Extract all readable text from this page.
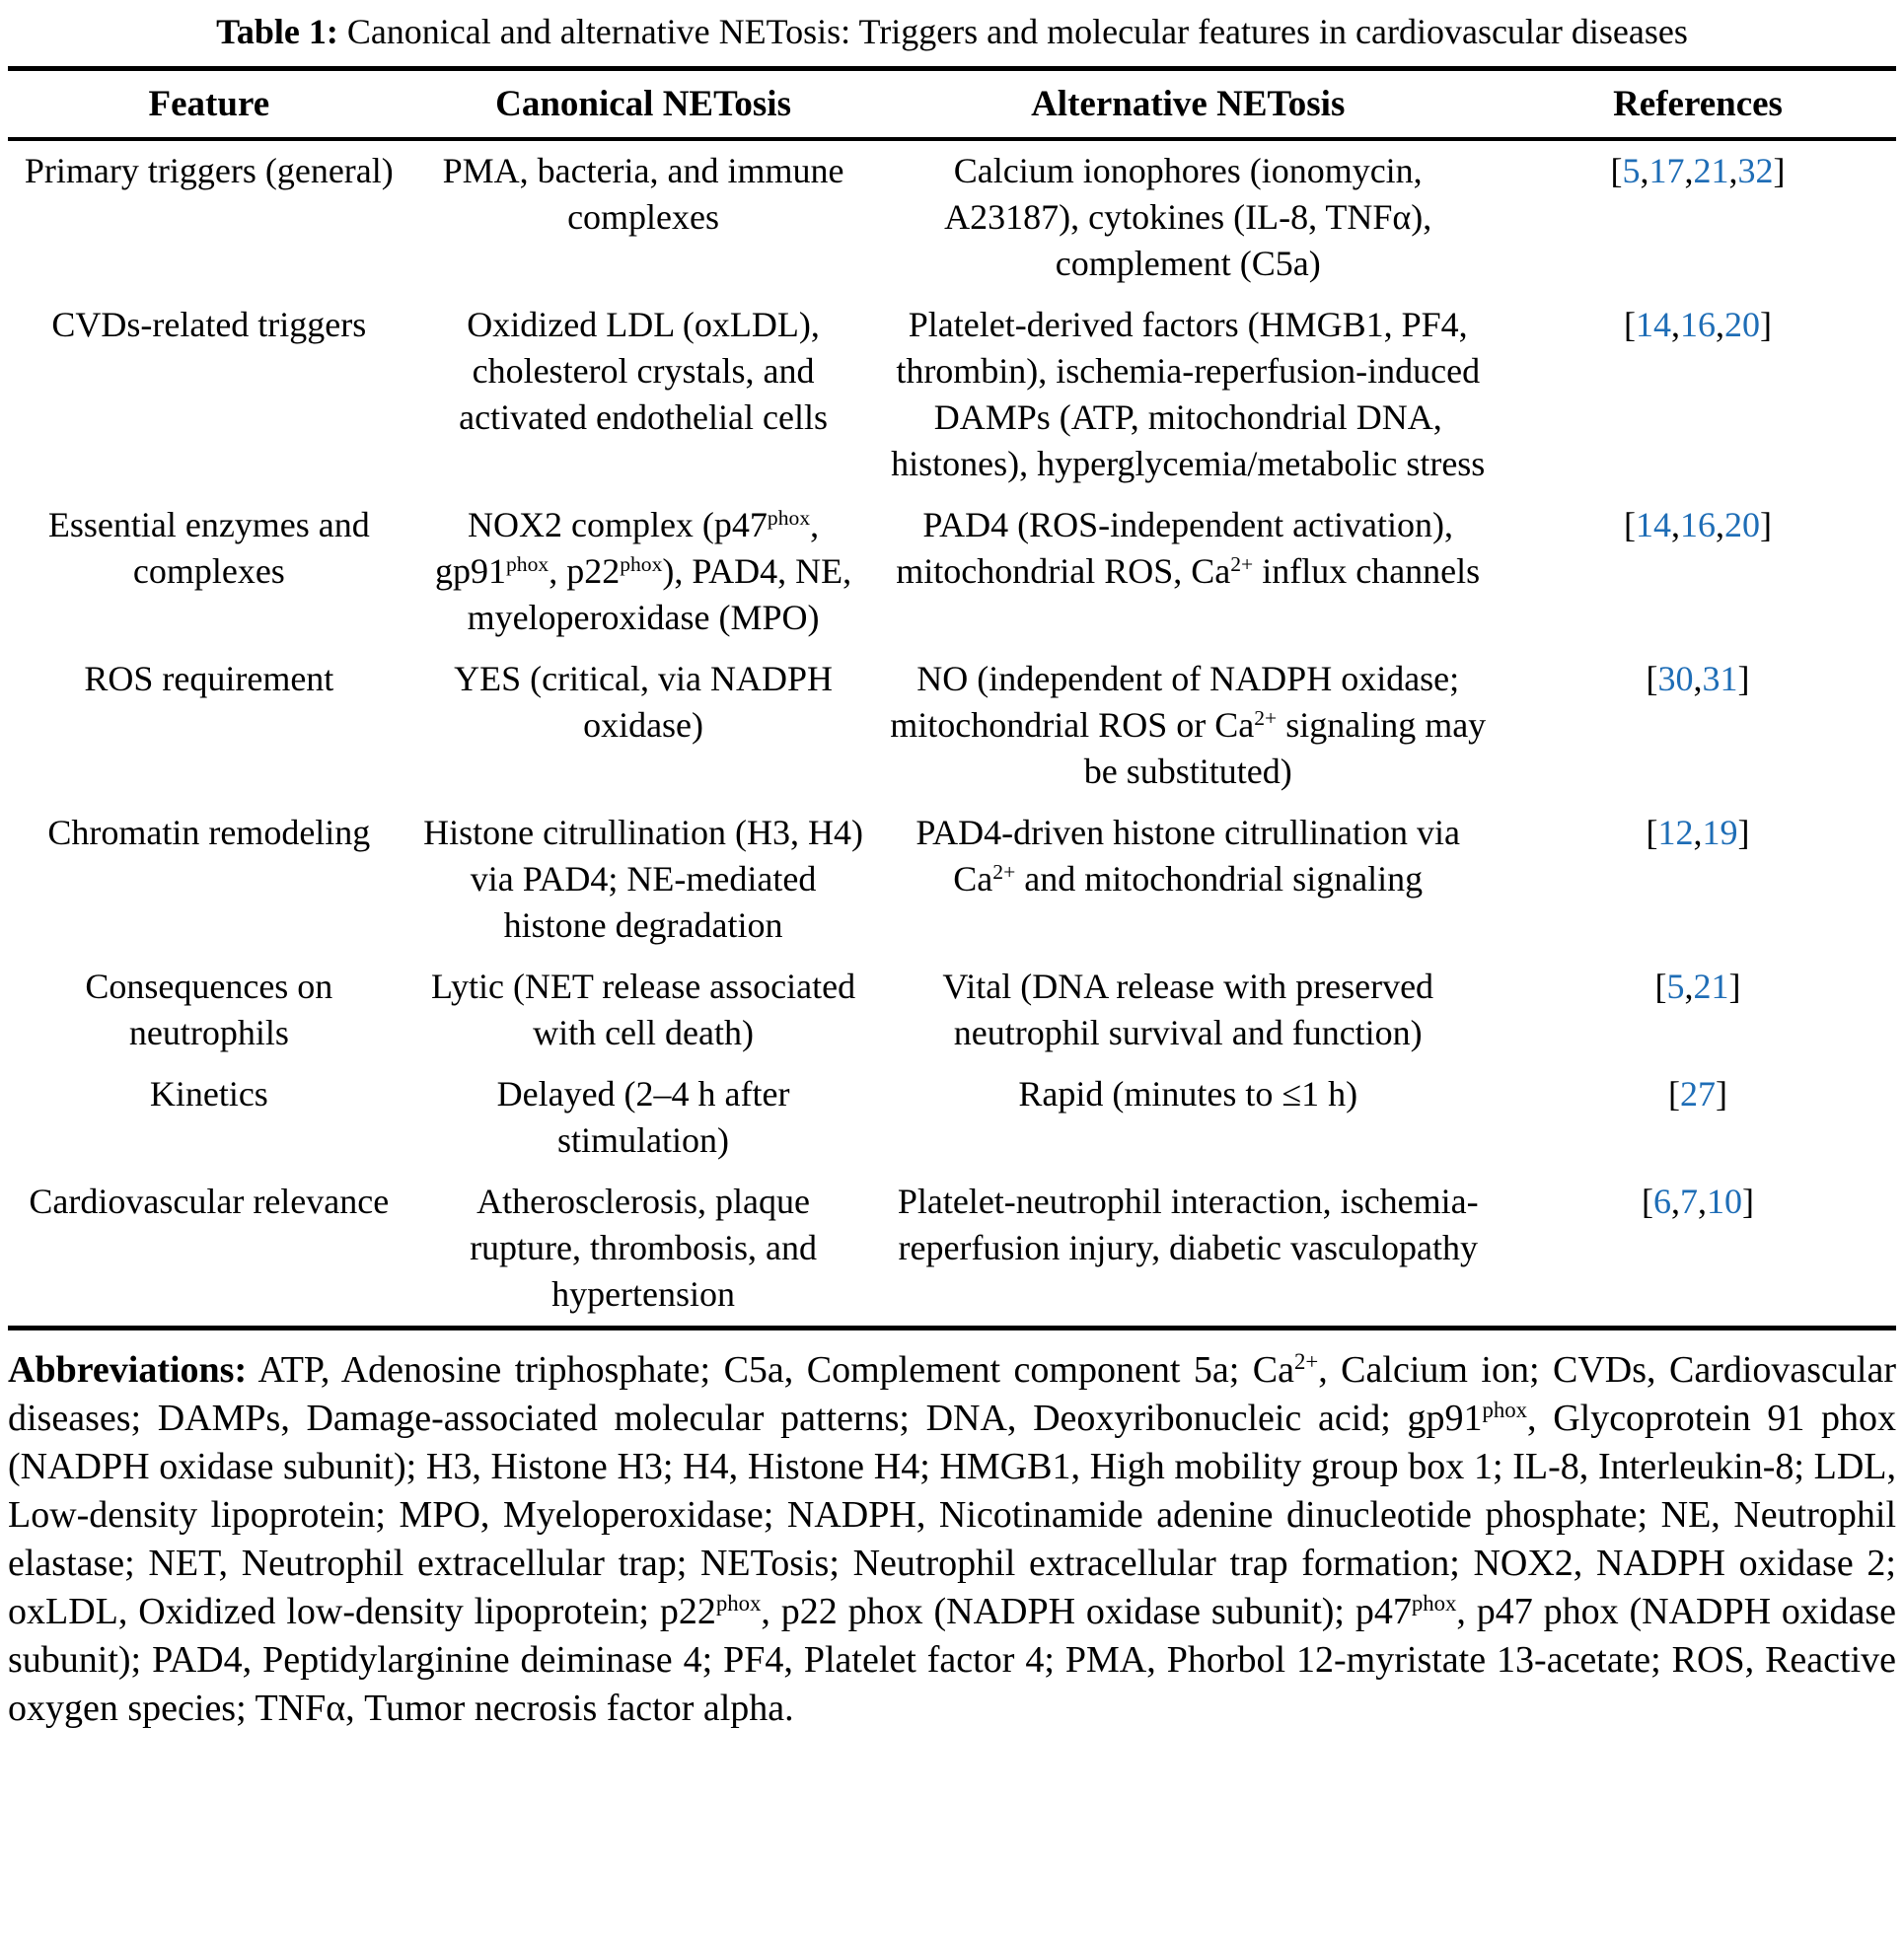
Table 1: Canonical and alternative NETosis: Triggers and molecular features in cardiovascular diseases
Feature	Canonical NETosis	Alternative NETosis	References
Primary triggers (general)	PMA, bacteria, and immune complexes	Calcium ionophores (ionomycin, A23187), cytokines (IL-8, TNFα), complement (C5a)	[5,17,21,32]
CVDs-related triggers	Oxidized LDL (oxLDL), cholesterol crystals, and activated endothelial cells	Platelet-derived factors (HMGB1, PF4, thrombin), ischemia-reperfusion-induced DAMPs (ATP, mitochondrial DNA, histones), hyperglycemia/metabolic stress	[14,16,20]
Essential enzymes and complexes	NOX2 complex ($p47^{phox}$, $gp91^{phox}$, $p22^{phox}$), PAD4, NE, myeloperoxidase (MPO)	PAD4 (ROS-independent activation), mitochondrial ROS, $Ca^{2+}$ influx channels	[14,16,20]
ROS requirement	YES (critical, via NADPH oxidase)	NO (independent of NADPH oxidase; mitochondrial ROS or $Ca^{2+}$ signaling may be substituted)	[30,31]
Chromatin remodeling	Histone citrullination (H3, H4) via PAD4; NE-mediated histone degradation	PAD4-driven histone citrullination via $Ca^{2+}$ and mitochondrial signaling	[12,19]
Consequences on neutrophils	Lytic (NET release associated with cell death)	Vital (DNA release with preserved neutrophil survival and function)	[5,21]
Kinetics	Delayed (2–4 h after stimulation)	Rapid (minutes to ≤1 h)	[27]
Cardiovascular relevance	Atherosclerosis, plaque rupture, thrombosis, and hypertension	Platelet-neutrophil interaction, ischemia-reperfusion injury, diabetic vasculopathy	[6,7,10]

Abbreviations: ATP, Adenosine triphosphate; C5a, Complement component 5a; $Ca^{2+}$, Calcium ion; CVDs, Cardiovascular diseases; DAMPs, Damage-associated molecular patterns; DNA, Deoxyribonucleic acid; $gp91^{phox}$, Glycoprotein 91 phox (NADPH oxidase subunit); H3, Histone H3; H4, Histone H4; HMGB1, High mobility group box 1; IL-8, Interleukin-8; LDL, Low-density lipoprotein; MPO, Myeloperoxidase; NADPH, Nicotinamide adenine dinucleotide phosphate; NE, Neutrophil elastase; NET, Neutrophil extracellular trap; NETosis; Neutrophil extracellular trap formation; NOX2, NADPH oxidase 2; oxLDL, Oxidized low-density lipoprotein; $p22^{phox}$, p22 phox (NADPH oxidase subunit); $p47^{phox}$, p47 phox (NADPH oxidase subunit); PAD4, Peptidylarginine deiminase 4; PF4, Platelet factor 4; PMA, Phorbol 12-myristate 13-acetate; ROS, Reactive oxygen species; TNFα, Tumor necrosis factor alpha.
